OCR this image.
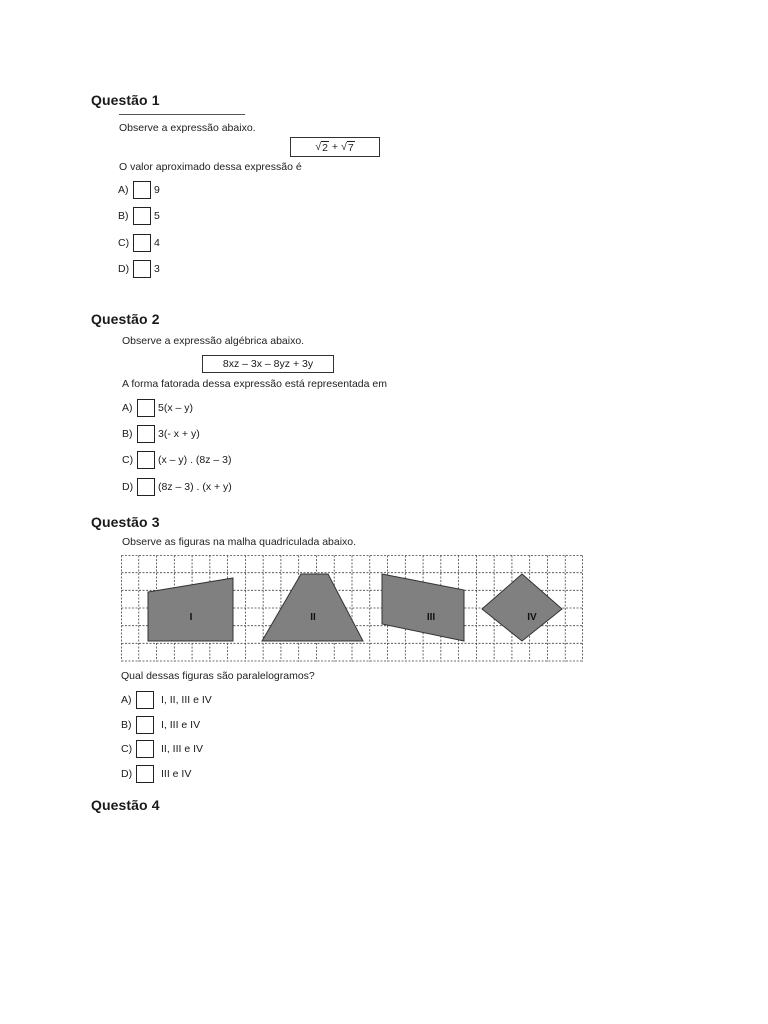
Questão 1
Observe a expressão abaixo.
√ 2 + √ 7
O valor aproximado dessa expressão é
A)	9
B)	5
C)	4
D)	3
Questão 2
Observe a expressão algébrica abaixo.
8xz – 3x – 8yz + 3y
A forma fatorada dessa expressão está representada em
A)	5(x – y)
B)	3(- x + y)
C)	(x – y) . (8z – 3)
D)	(8z – 3) . (x + y)
Questão 3
Observe as figuras na malha quadriculada abaixo.
I	II	III	IV
Qual dessas figuras são paralelogramos?
A)	I, II, III e IV
B)	I, III e IV
C)	II, III e IV
D)	III e IV
Questão 4
